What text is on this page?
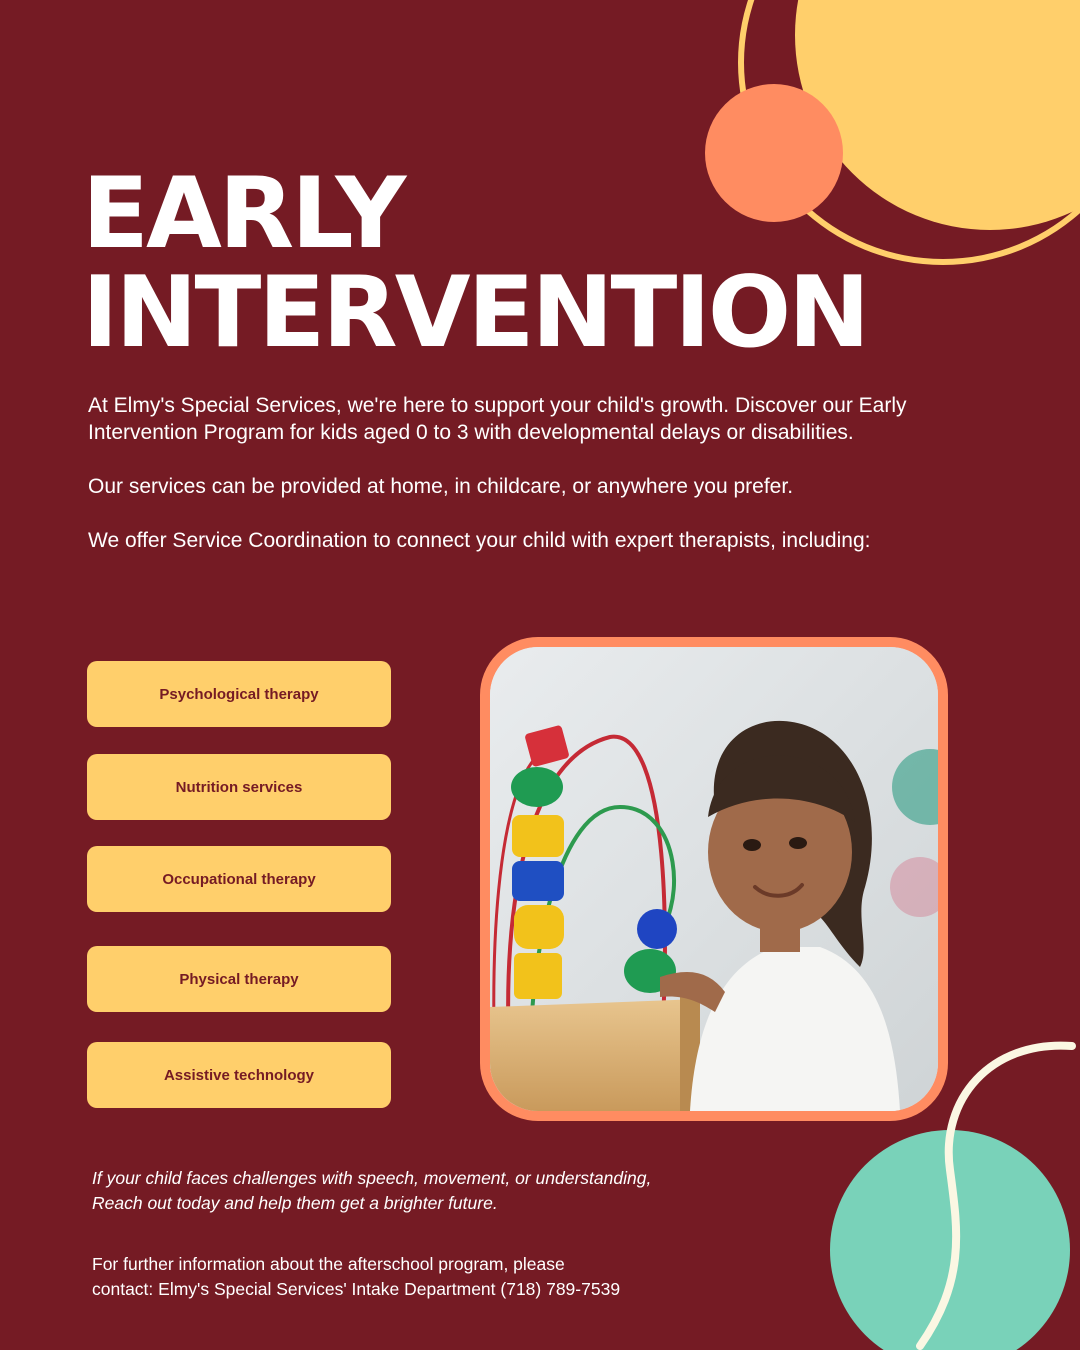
EARLY
INTERVENTION

At Elmy's Special Services, we're here to support your child's growth. Discover our Early Intervention Program for kids aged 0 to 3 with developmental delays or disabilities.

Our services can be provided at home, in childcare, or anywhere you prefer.

We offer Service Coordination to connect your child with expert therapists, including:

Psychological therapy
Nutrition services
Occupational therapy
Physical therapy
Assistive technology
If your child faces challenges with speech, movement, or understanding,
Reach out today and help them get a brighter future.
For further information about the afterschool program, please
contact: Elmy's Special Services' Intake Department (718) 789-7539
